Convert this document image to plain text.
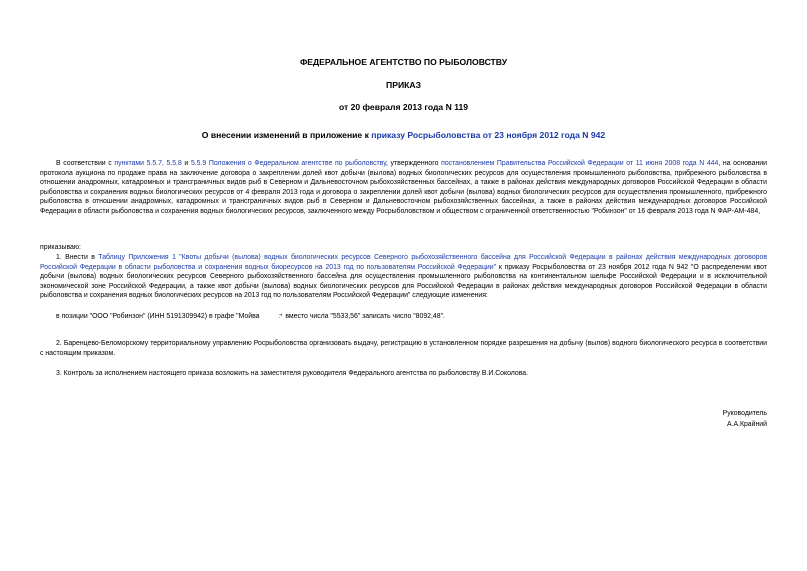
ФЕДЕРАЛЬНОЕ АГЕНТСТВО ПО РЫБОЛОВСТВУ
ПРИКАЗ
от 20 февраля 2013 года N 119
О внесении изменений в приложение к приказу Росрыболовства от 23 ноября 2012 года N 942
В соответствии с пунктами 5.5.7, 5.5.8 и 5.5.9 Положения о Федеральном агентстве по рыболовству, утвержденного постановлением Правительства Российской Федерации от 11 июня 2008 года N 444, на основании протокола аукциона по продаже права на заключение договора о закреплении долей квот добычи (вылова) водных биологических ресурсов для осуществления промышленного рыболовства, прибрежного рыболовства в отношении анадромных, катадромных и трансграничных видов рыб в Северном и Дальневосточном рыбохозяйственных бассейнах, а также в районах действия международных договоров Российской Федерации в области рыболовства и сохранения водных биологических ресурсов от 4 февраля 2013 года и договора о закреплении долей квот добычи (вылова) водных биологических ресурсов для осуществления промышленного, прибрежного рыболовства в отношении анадромных, катадромных и трансграничных видов рыб в Северном и Дальневосточном рыбохозяйственных бассейнах, а также в районах действия международных договоров Российской Федерации в области рыболовства и сохранения водных биологических ресурсов, заключенного между Росрыболовством и обществом с ограниченной ответственностью "Робинзон" от 16 февраля 2013 года N ФАР-АМ-484,
приказываю:
1. Внести в Таблицу Приложения 1 "Квоты добычи (вылова) водных биологических ресурсов Северного рыбохозяйственного бассейна для Российской Федерации в районах действия международных договоров Российской Федерации в области рыболовства и сохранения водных биоресурсов на 2013 год по пользователям Российской Федерации" к приказу Росрыболовства от 23 ноября 2012 года N 942 "О распределении квот добычи (вылова) водных биологических ресурсов Северного рыбохозяйственного бассейна для осуществления промышленного рыболовства на континентальном шельфе Российской Федерации и в исключительной экономической зоне Российской Федерации, а также квот добычи (вылова) водных биологических ресурсов для Российской Федерации в районах действия международных договоров Российской Федерации в области рыболовства и сохранения водных биологических ресурсов на 2013 год по пользователям Российской Федерации" следующие изменения:
в позиции "ООО "Робинзон" (ИНН 5191309942) в графе "Мойва	:* вместо числа "5533,56" записать число "8092,48".
2. Баренцево-Беломорскому территориальному управлению Росрыболовства организовать выдачу, регистрацию в установленном порядке разрешения на добычу (вылов) водного биологического ресурса в соответствии с настоящим приказом.
3. Контроль за исполнением настоящего приказа возложить на заместителя руководителя Федерального агентства по рыболовству В.И.Соколова.
Руководитель
А.А.Крайний
